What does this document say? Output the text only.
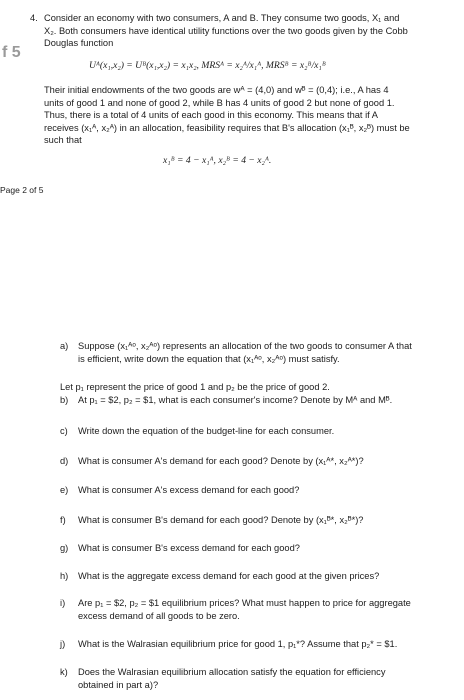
f 5
4. Consider an economy with two consumers, A and B. They consume two goods, X₁ and
X₂. Both consumers have identical utility functions over the two goods given by the Cobb
Douglas function
Uᴬ(x₁,x₂) = Uᴮ(x₁,x₂) = x₁x₂, MRSᴬ = x₂ᴬ/x₁ᴬ, MRSᴮ = x₂ᴮ/x₁ᴮ
Their initial endowments of the two goods are wᴬ = (4,0) and wᴮ = (0,4); i.e., A has 4
units of good 1 and none of good 2, while B has 4 units of good 2 but none of good 1.
Thus, there is a total of 4 units of each good in this economy. This means that if A
receives (x₁ᴬ, x₂ᴬ) in an allocation, feasibility requires that B's allocation (x₁ᴮ, x₂ᴮ) must be
such that
x₁ᴮ = 4 − x₁ᴬ, x₂ᴮ = 4 − x₂ᴬ.
Page 2 of 5
a) Suppose (x₁ᴬᵒ, x₂ᴬᵒ) represents an allocation of the two goods to consumer A that
is efficient, write down the equation that (x₁ᴬᵒ, x₂ᴬᵒ) must satisfy.
Let p₁ represent the price of good 1 and p₂ be the price of good 2.
b) At p₁ = $2, p₂ = $1, what is each consumer's income? Denote by Mᴬ and Mᴮ.
c) Write down the equation of the budget-line for each consumer.
d) What is consumer A's demand for each good? Denote by (x₁ᴬ*, x₂ᴬ*)?
e) What is consumer A's excess demand for each good?
f) What is consumer B's demand for each good? Denote by (x₁ᴮ*, x₂ᴮ*)?
g) What is consumer B's excess demand for each good?
h) What is the aggregate excess demand for each good at the given prices?
i) Are p₁ = $2, p₂ = $1 equilibrium prices? What must happen to price for aggregate
excess demand of all goods to be zero.
j) What is the Walrasian equilibrium price for good 1, p₁*? Assume that p₂* = $1.
k) Does the Walrasian equilibrium allocation satisfy the equation for efficiency
obtained in part a)?
